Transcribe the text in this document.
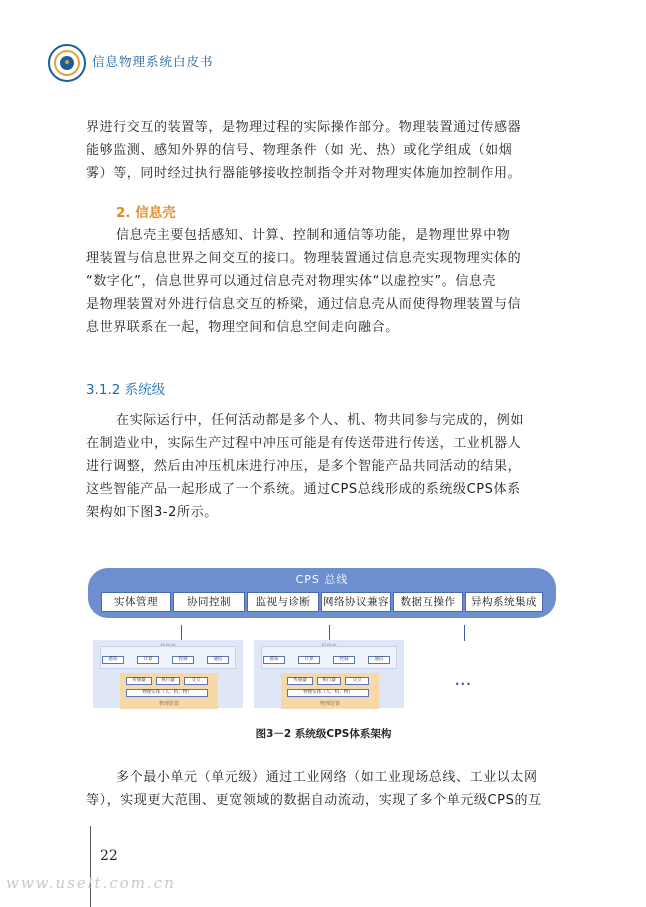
信息物理系统白皮书

界进行交互的装置等，是物理过程的实际操作部分。物理装置通过传感器

能够监测、感知外界的信号、物理条件（如 光、热）或化学组成（如烟

雾）等，同时经过执行器能够接收控制指令并对物理实体施加控制作用。

2. 信息壳

信息壳主要包括感知、计算、控制和通信等功能，是物理世界中物

理装置与信息世界之间交互的接口。物理装置通过信息壳实现物理实体的

“数字化”，信息世界可以通过信息壳对物理实体“以虚控实”。信息壳

是物理装置对外进行信息交互的桥梁，通过信息壳从而使得物理装置与信

息世界联系在一起，物理空间和信息空间走向融合。

3.1.2 系统级

在实际运行中，任何活动都是多个人、机、物共同参与完成的，例如

在制造业中，实际生产过程中冲压可能是有传送带进行传送，工业机器人

进行调整，然后由冲压机床进行冲压，是多个智能产品共同活动的结果，

这些智能产品一起形成了一个系统。通过CPS总线形成的系统级CPS体系

架构如下图3-2所示。

CPS 总线
实体管理	协同控制	监视与诊断	网络协议兼容	数据互操作	异构系统集成
感知	计算	控制	通信
传感器	执行器	交互
物理实体（人、机、物）
物理装置
感知	计算	控制	通信
传感器	执行器	交互
物理实体（人、机、物）
物理装置
...
图3－2 系统级CPS体系架构

多个最小单元（单元级）通过工业网络（如工业现场总线、工业以太网

等），实现更大范围、更宽领域的数据自动流动，实现了多个单元级CPS的互

22
www.uselt.com.cn
